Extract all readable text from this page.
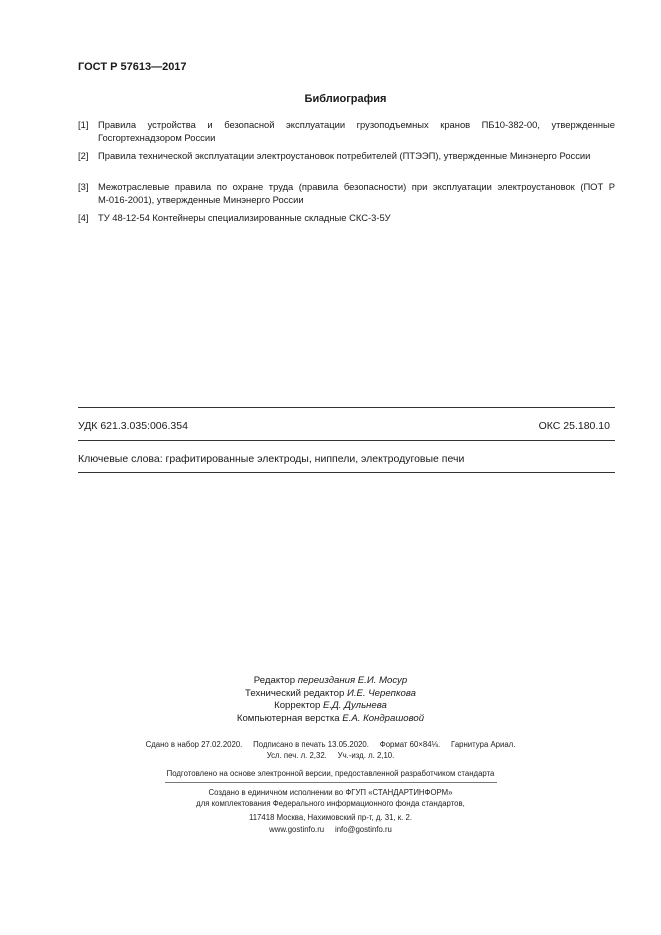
ГОСТ Р 57613—2017
Библиография
[1] Правила устройства и безопасной эксплуатации грузоподъемных кранов ПБ10-382-00, утвержденные Госгортехнадзором России
[2] Правила технической эксплуатации электроустановок потребителей (ПТЭЭП), утвержденные Минэнерго России
[3] Межотраслевые правила по охране труда (правила безопасности) при эксплуатации электроустановок (ПОТ Р М-016-2001), утвержденные Минэнерго России
[4] ТУ 48-12-54 Контейнеры специализированные складные СКС-3-5У
УДК 621.3.035:006.354	ОКС 25.180.10
Ключевые слова: графитированные электроды, ниппели, электродуговые печи
Редактор переиздания Е.И. Мосур
Технический редактор И.Е. Черепкова
Корректор Е.Д. Дульнева
Компьютерная верстка Е.А. Кондрашовой
Сдано в набор 27.02.2020.     Подписано в печать 13.05.2020.     Формат 60×84⅛.     Гарнитура Ариал.
Усл. печ. л. 2,32.     Уч.-изд. л. 2,10.
Подготовлено на основе электронной версии, предоставленной разработчиком стандарта
Создано в единичном исполнении во ФГУП «СТАНДАРТИНФОРМ»
для комплектования Федерального информационного фонда стандартов,
117418 Москва, Нахимовский пр-т, д. 31, к. 2.
www.gostinfo.ru info@gostinfo.ru
